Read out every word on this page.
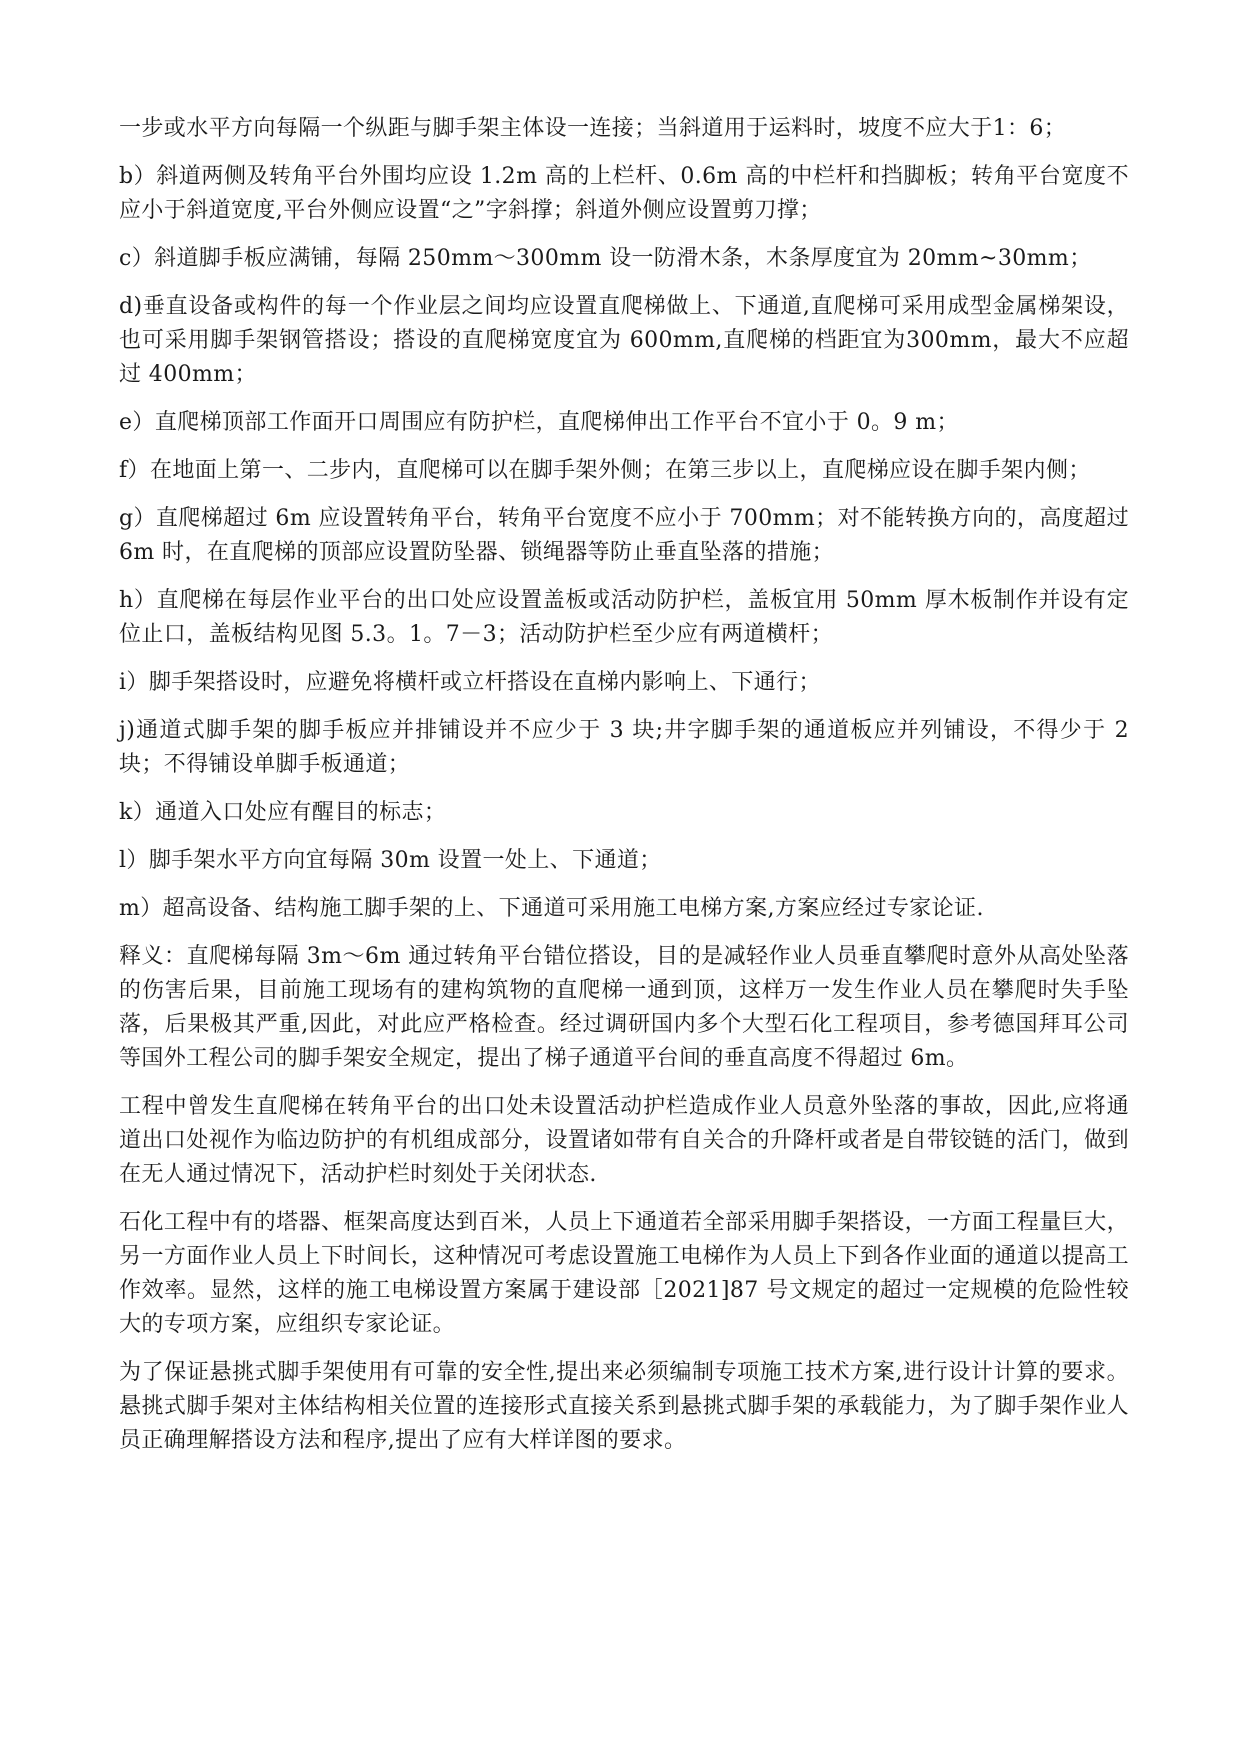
一步或水平方向每隔一个纵距与脚手架主体设一连接；当斜道用于运料时，坡度不应大于1：6；

b）斜道两侧及转角平台外围均应设 1.2m 高的上栏杆、0.6m 高的中栏杆和挡脚板；转角平台宽度不应小于斜道宽度,平台外侧应设置“之”字斜撑；斜道外侧应设置剪刀撑；

c）斜道脚手板应满铺，每隔 250mm～300mm 设一防滑木条，木条厚度宜为 20mm~30mm；

d)垂直设备或构件的每一个作业层之间均应设置直爬梯做上、下通道,直爬梯可采用成型金属梯架设，也可采用脚手架钢管搭设；搭设的直爬梯宽度宜为 600mm,直爬梯的档距宜为300mm，最大不应超过 400mm；

e）直爬梯顶部工作面开口周围应有防护栏，直爬梯伸出工作平台不宜小于 0。9 m；

f）在地面上第一、二步内，直爬梯可以在脚手架外侧；在第三步以上，直爬梯应设在脚手架内侧；

g）直爬梯超过 6m 应设置转角平台，转角平台宽度不应小于 700mm；对不能转换方向的，高度超过 6m 时，在直爬梯的顶部应设置防坠器、锁绳器等防止垂直坠落的措施；

h）直爬梯在每层作业平台的出口处应设置盖板或活动防护栏，盖板宜用 50mm 厚木板制作并设有定位止口，盖板结构见图 5.3。1。7－3；活动防护栏至少应有两道横杆；

i）脚手架搭设时，应避免将横杆或立杆搭设在直梯内影响上、下通行；

j)通道式脚手架的脚手板应并排铺设并不应少于 3 块;井字脚手架的通道板应并列铺设，不得少于 2 块；不得铺设单脚手板通道；

k）通道入口处应有醒目的标志；

l）脚手架水平方向宜每隔 30m 设置一处上、下通道；

m）超高设备、结构施工脚手架的上、下通道可采用施工电梯方案,方案应经过专家论证.

释义：直爬梯每隔 3m～6m 通过转角平台错位搭设，目的是减轻作业人员垂直攀爬时意外从高处坠落的伤害后果，目前施工现场有的建构筑物的直爬梯一通到顶，这样万一发生作业人员在攀爬时失手坠落，后果极其严重,因此，对此应严格检查。经过调研国内多个大型石化工程项目，参考德国拜耳公司等国外工程公司的脚手架安全规定，提出了梯子通道平台间的垂直高度不得超过 6m。

工程中曾发生直爬梯在转角平台的出口处未设置活动护栏造成作业人员意外坠落的事故，因此,应将通道出口处视作为临边防护的有机组成部分，设置诸如带有自关合的升降杆或者是自带铰链的活门，做到在无人通过情况下，活动护栏时刻处于关闭状态.

石化工程中有的塔器、框架高度达到百米，人员上下通道若全部采用脚手架搭设，一方面工程量巨大，另一方面作业人员上下时间长，这种情况可考虑设置施工电梯作为人员上下到各作业面的通道以提高工作效率。显然，这样的施工电梯设置方案属于建设部［2021]87 号文规定的超过一定规模的危险性较大的专项方案，应组织专家论证。

为了保证悬挑式脚手架使用有可靠的安全性,提出来必须编制专项施工技术方案,进行设计计算的要求。悬挑式脚手架对主体结构相关位置的连接形式直接关系到悬挑式脚手架的承载能力，为了脚手架作业人员正确理解搭设方法和程序,提出了应有大样详图的要求。
